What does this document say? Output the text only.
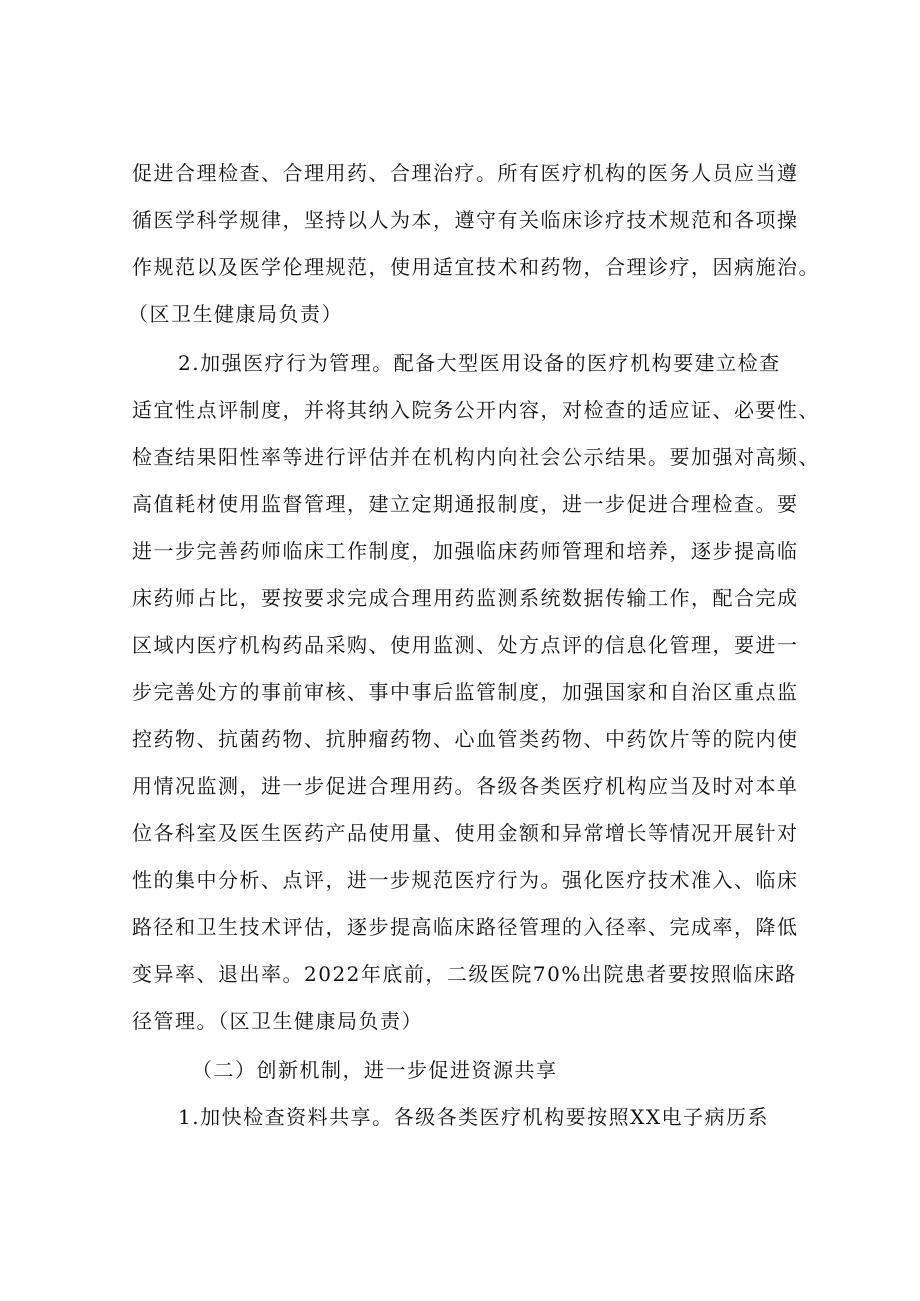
促进合理检查、合理用药、合理治疗。所有医疗机构的医务人员应当遵
循医学科学规律，坚持以人为本，遵守有关临床诊疗技术规范和各项操
作规范以及医学伦理规范，使用适宜技术和药物，合理诊疗，因病施治。
（区卫生健康局负责）
2.加强医疗行为管理。配备大型医用设备的医疗机构要建立检查
适宜性点评制度，并将其纳入院务公开内容，对检查的适应证、必要性、
检查结果阳性率等进行评估并在机构内向社会公示结果。要加强对高频、
高值耗材使用监督管理，建立定期通报制度，进一步促进合理检查。要
进一步完善药师临床工作制度，加强临床药师管理和培养，逐步提高临
床药师占比，要按要求完成合理用药监测系统数据传输工作，配合完成
区域内医疗机构药品采购、使用监测、处方点评的信息化管理，要进一
步完善处方的事前审核、事中事后监管制度，加强国家和自治区重点监
控药物、抗菌药物、抗肿瘤药物、心血管类药物、中药饮片等的院内使
用情况监测，进一步促进合理用药。各级各类医疗机构应当及时对本单
位各科室及医生医药产品使用量、使用金额和异常增长等情况开展针对
性的集中分析、点评，进一步规范医疗行为。强化医疗技术准入、临床
路径和卫生技术评估，逐步提高临床路径管理的入径率、完成率，降低
变异率、退出率。2022年底前，二级医院70%出院患者要按照临床路
径管理。（区卫生健康局负责）
（二）创新机制，进一步促进资源共享
1.加快检查资料共享。各级各类医疗机构要按照XX电子病历系
